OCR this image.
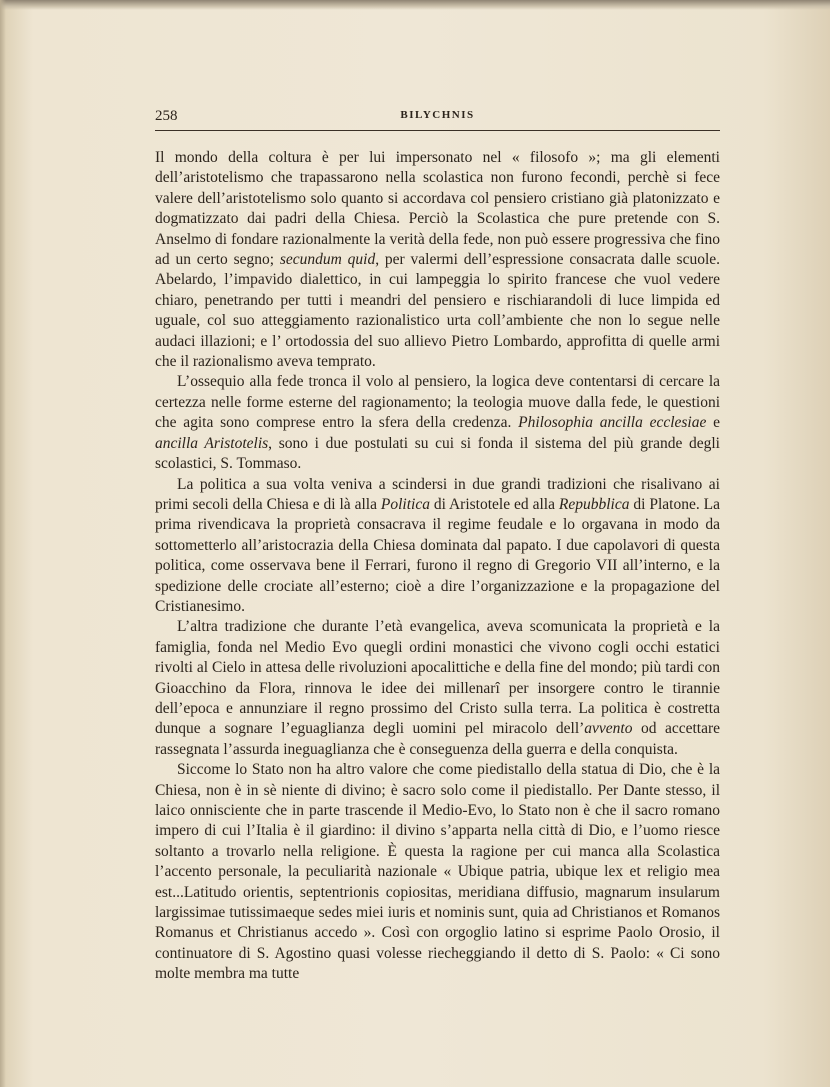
258	BILYCHNIS

Il mondo della coltura è per lui impersonato nel « filosofo »; ma gli elementi dell’aristotelismo che trapassarono nella scolastica non furono fecondi, perchè si fece valere dell’aristotelismo solo quanto si accordava col pensiero cristiano già platonizzato e dogmatizzato dai padri della Chiesa. Perciò la Scolastica che pure pretende con S. Anselmo di fondare razionalmente la verità della fede, non può essere progressiva che fino ad un certo segno; secundum quid, per valermi dell’espressione consacrata dalle scuole. Abelardo, l’impavido dialettico, in cui lampeggia lo spirito francese che vuol vedere chiaro, penetrando per tutti i meandri del pensiero e rischiarandoli di luce limpida ed uguale, col suo atteggiamento razionalistico urta coll’ambiente che non lo segue nelle audaci illazioni; e l’ ortodossia del suo allievo Pietro Lombardo, approfitta di quelle armi che il razionalismo aveva temprato.

L’ossequio alla fede tronca il volo al pensiero, la logica deve contentarsi di cercare la certezza nelle forme esterne del ragionamento; la teologia muove dalla fede, le questioni che agita sono comprese entro la sfera della credenza. Philosophia ancilla ecclesiae e ancilla Aristotelis, sono i due postulati su cui si fonda il sistema del più grande degli scolastici, S. Tommaso.

La politica a sua volta veniva a scindersi in due grandi tradizioni che risalivano ai primi secoli della Chiesa e di là alla Politica di Aristotele ed alla Repubblica di Platone. La prima rivendicava la proprietà consacrava il regime feudale e lo orgavana in modo da sottometterlo all’aristocrazia della Chiesa dominata dal papato. I due capolavori di questa politica, come osservava bene il Ferrari, furono il regno di Gregorio VII all’interno, e la spedizione delle crociate all’esterno; cioè a dire l’organizzazione e la propagazione del Cristianesimo.

L’altra tradizione che durante l’età evangelica, aveva scomunicata la proprietà e la famiglia, fonda nel Medio Evo quegli ordini monastici che vivono cogli occhi estatici rivolti al Cielo in attesa delle rivoluzioni apocalittiche e della fine del mondo; più tardi con Gioacchino da Flora, rinnova le idee dei millenarî per insorgere contro le tirannie dell’epoca e annunziare il regno prossimo del Cristo sulla terra. La politica è costretta dunque a sognare l’eguaglianza degli uomini pel miracolo dell’avvento od accettare rassegnata l’assurda ineguaglianza che è conseguenza della guerra e della conquista.

Siccome lo Stato non ha altro valore che come piedistallo della statua di Dio, che è la Chiesa, non è in sè niente di divino; è sacro solo come il piedistallo. Per Dante stesso, il laico onnisciente che in parte trascende il Medio-Evo, lo Stato non è che il sacro romano impero di cui l’Italia è il giardino: il divino s’apparta nella città di Dio, e l’uomo riesce soltanto a trovarlo nella religione. È questa la ragione per cui manca alla Scolastica l’accento personale, la peculiarità nazionale « Ubique patria, ubique lex et religio mea est...Latitudo orientis, septentrionis copiositas, meridiana diffusio, magnarum insularum largissimae tutissimaeque sedes miei iuris et nominis sunt, quia ad Christianos et Romanos Romanus et Christianus accedo ». Così con orgoglio latino si esprime Paolo Orosio, il continuatore di S. Agostino quasi volesse riecheggiando il detto di S. Paolo: « Ci sono molte membra ma tutte
